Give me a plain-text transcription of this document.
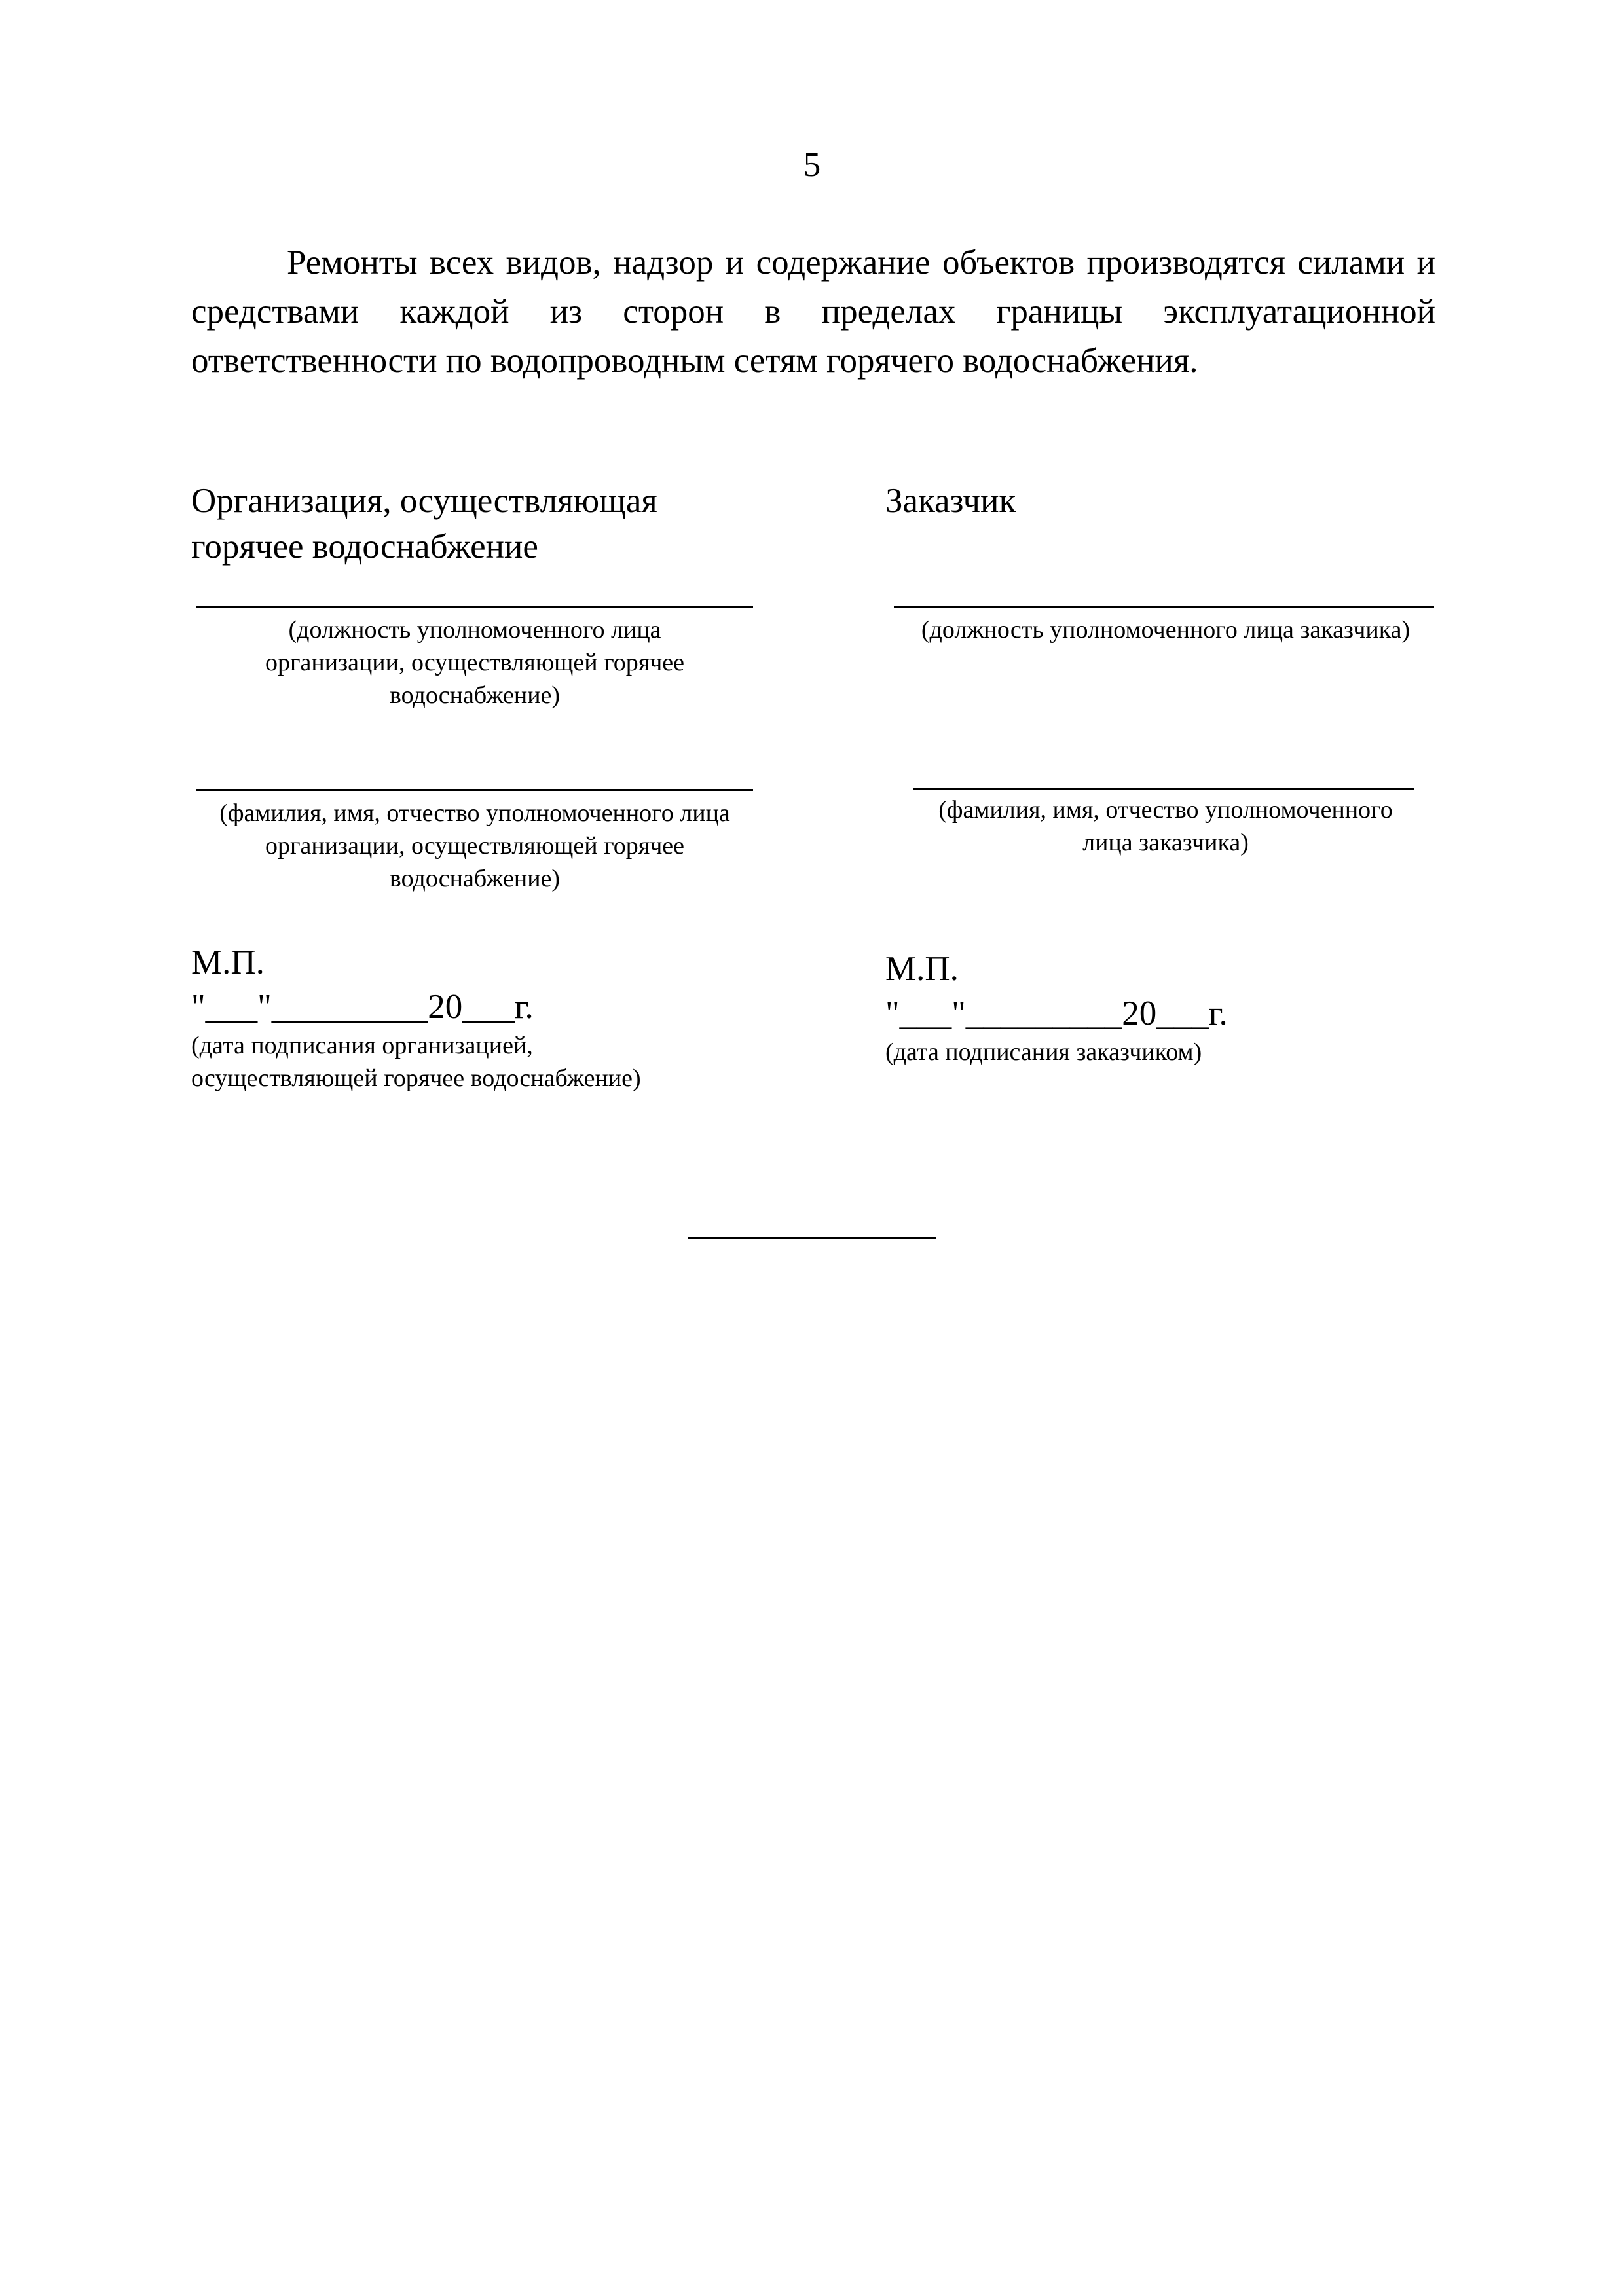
5
Ремонты всех видов, надзор и содержание объектов производятся силами и средствами каждой из сторон в пределах границы эксплуатационной ответственности по водопроводным сетям горячего водоснабжения.
Организация, осуществляющая
горячее водоснабжение
(должность уполномоченного лица
организации, осуществляющей горячее
водоснабжение)
(фамилия, имя, отчество уполномоченного лица
организации, осуществляющей горячее
водоснабжение)
М.П.
"___"_________20___г.
(дата подписания организацией,
осуществляющей горячее водоснабжение)
Заказчик
(должность уполномоченного лица заказчика)
(фамилия, имя, отчество уполномоченного
лица заказчика)
М.П.
"___"_________20___г.
(дата подписания заказчиком)
